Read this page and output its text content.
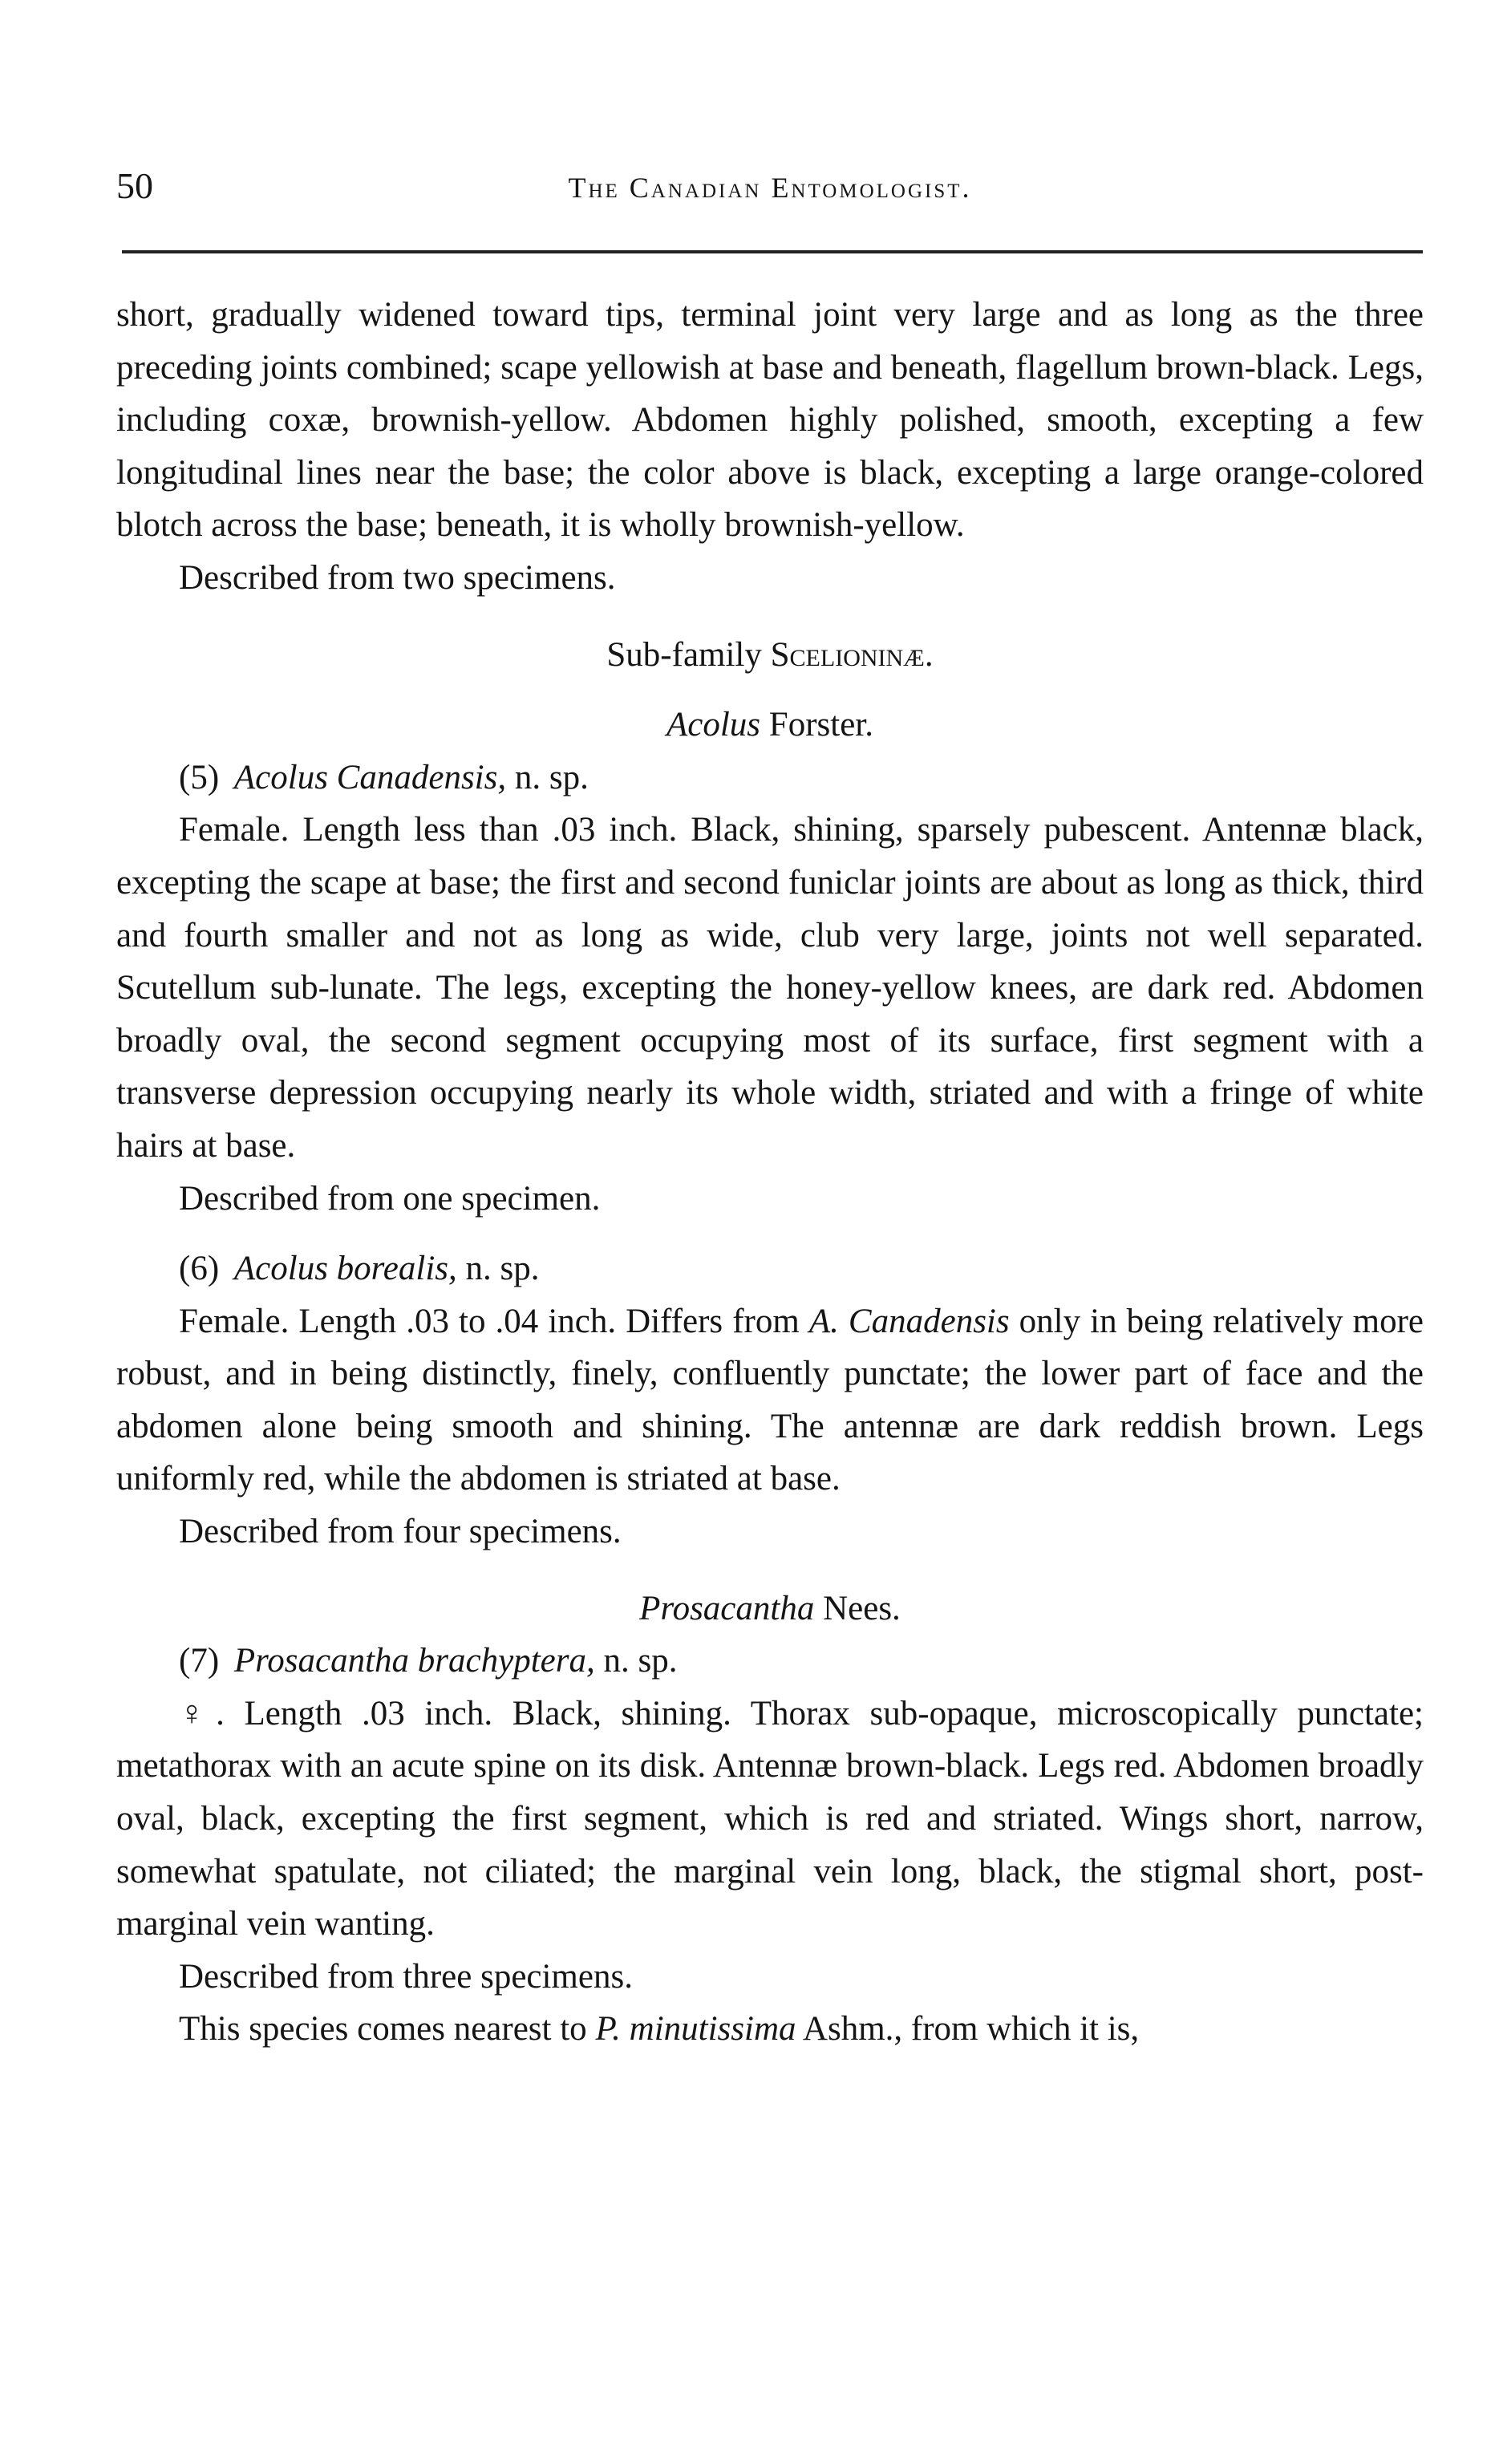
50	The Canadian Entomologist.

short, gradually widened toward tips, terminal joint very large and as long as the three preceding joints combined; scape yellowish at base and beneath, flagellum brown-black. Legs, including coxæ, brownish-yellow. Abdomen highly polished, smooth, excepting a few longitudinal lines near the base; the color above is black, excepting a large orange-colored blotch across the base; beneath, it is wholly brownish-yellow.

Described from two specimens.

Sub-family Scelioninæ.

Acolus Forster.

(5) Acolus Canadensis, n. sp.

Female. Length less than .03 inch. Black, shining, sparsely pubescent. Antennæ black, excepting the scape at base; the first and second funiclar joints are about as long as thick, third and fourth smaller and not as long as wide, club very large, joints not well separated. Scutellum sub-lunate. The legs, excepting the honey-yellow knees, are dark red. Abdomen broadly oval, the second segment occupying most of its surface, first segment with a transverse depression occupying nearly its whole width, striated and with a fringe of white hairs at base.

Described from one specimen.

(6) Acolus borealis, n. sp.

Female. Length .03 to .04 inch. Differs from A. Canadensis only in being relatively more robust, and in being distinctly, finely, confluently punctate; the lower part of face and the abdomen alone being smooth and shining. The antennæ are dark reddish brown. Legs uniformly red, while the abdomen is striated at base.

Described from four specimens.

Prosacantha Nees.

(7) Prosacantha brachyptera, n. sp.

♀. Length .03 inch. Black, shining. Thorax sub-opaque, microscopically punctate; metathorax with an acute spine on its disk. Antennæ brown-black. Legs red. Abdomen broadly oval, black, excepting the first segment, which is red and striated. Wings short, narrow, somewhat spatulate, not ciliated; the marginal vein long, black, the stigmal short, post-marginal vein wanting.

Described from three specimens.

This species comes nearest to P. minutissima Ashm., from which it is,
